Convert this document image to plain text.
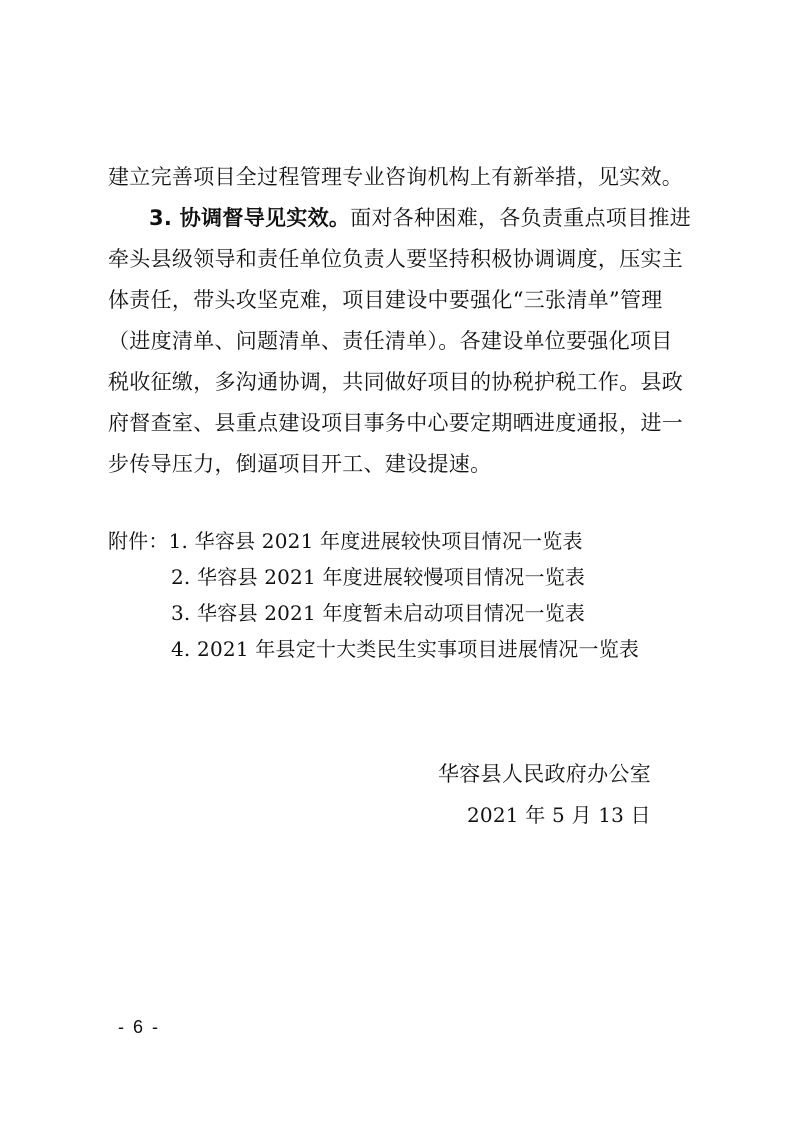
建立完善项目全过程管理专业咨询机构上有新举措，见实效。
3. 协调督导见实效。面对各种困难，各负责重点项目推进
牵头县级领导和责任单位负责人要坚持积极协调调度，压实主
体责任，带头攻坚克难，项目建设中要强化“三张清单”管理
（进度清单、问题清单、责任清单）。各建设单位要强化项目
税收征缴，多沟通协调，共同做好项目的协税护税工作。县政
府督查室、县重点建设项目事务中心要定期晒进度通报，进一
步传导压力，倒逼项目开工、建设提速。
附件：1. 华容县 2021 年度进展较快项目情况一览表
2. 华容县 2021 年度进展较慢项目情况一览表
3. 华容县 2021 年度暂未启动项目情况一览表
4. 2021 年县定十大类民生实事项目进展情况一览表
华容县人民政府办公室
2021 年 5 月 13 日
- 6 -
